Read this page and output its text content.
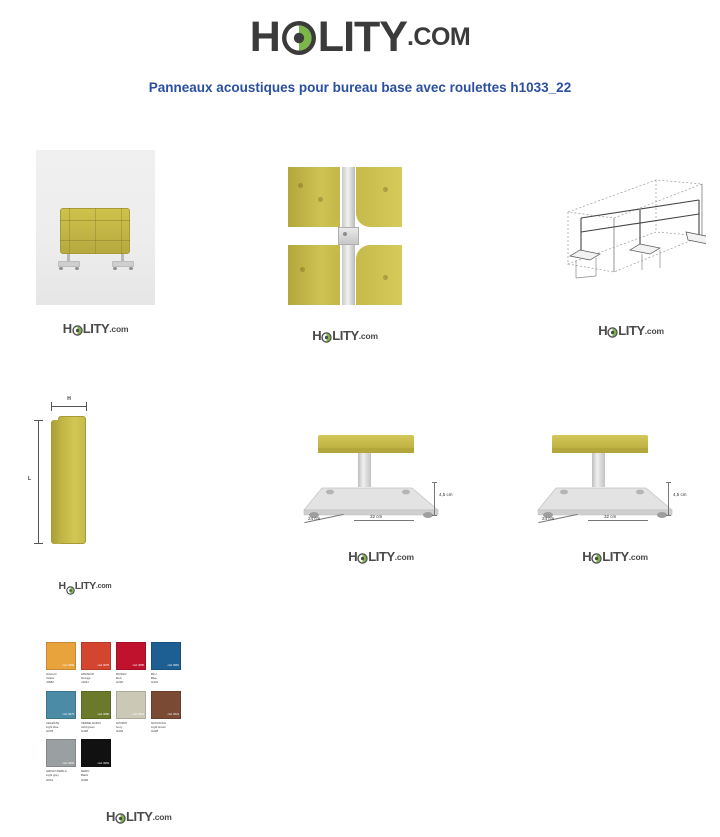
H LITY .COM
Panneaux acoustiques pour bureau base avec roulettes h1033_22
H LITY .com	H LITY .com	H LITY .com
H
L
H LITY .com
4,5 cm
24 cm	32 cm
H LITY .com
4,5 cm
24 cm	32 cm
H LITY .com
cod. 0080	cod. 0078	cod. 0085	cod. 0081
GIALLO
Yellow
J2082
ARANCIO
Orange
J1221
ROSSO
Red
G220
BLU
Blue
G301
cod. 0079	cod. 0086	cod. 0082	cod. 0024
CELESTE
Light blue
G078
VERDE ACIDO
Acid green
G426
AVORIO
Ivory
G402
NOCCIOLA
Light brown
G028
cod. 0083	cod. 0084
GRIGIO PERLA
Light grey
G641
NERO
Black
G900
H LITY .com
